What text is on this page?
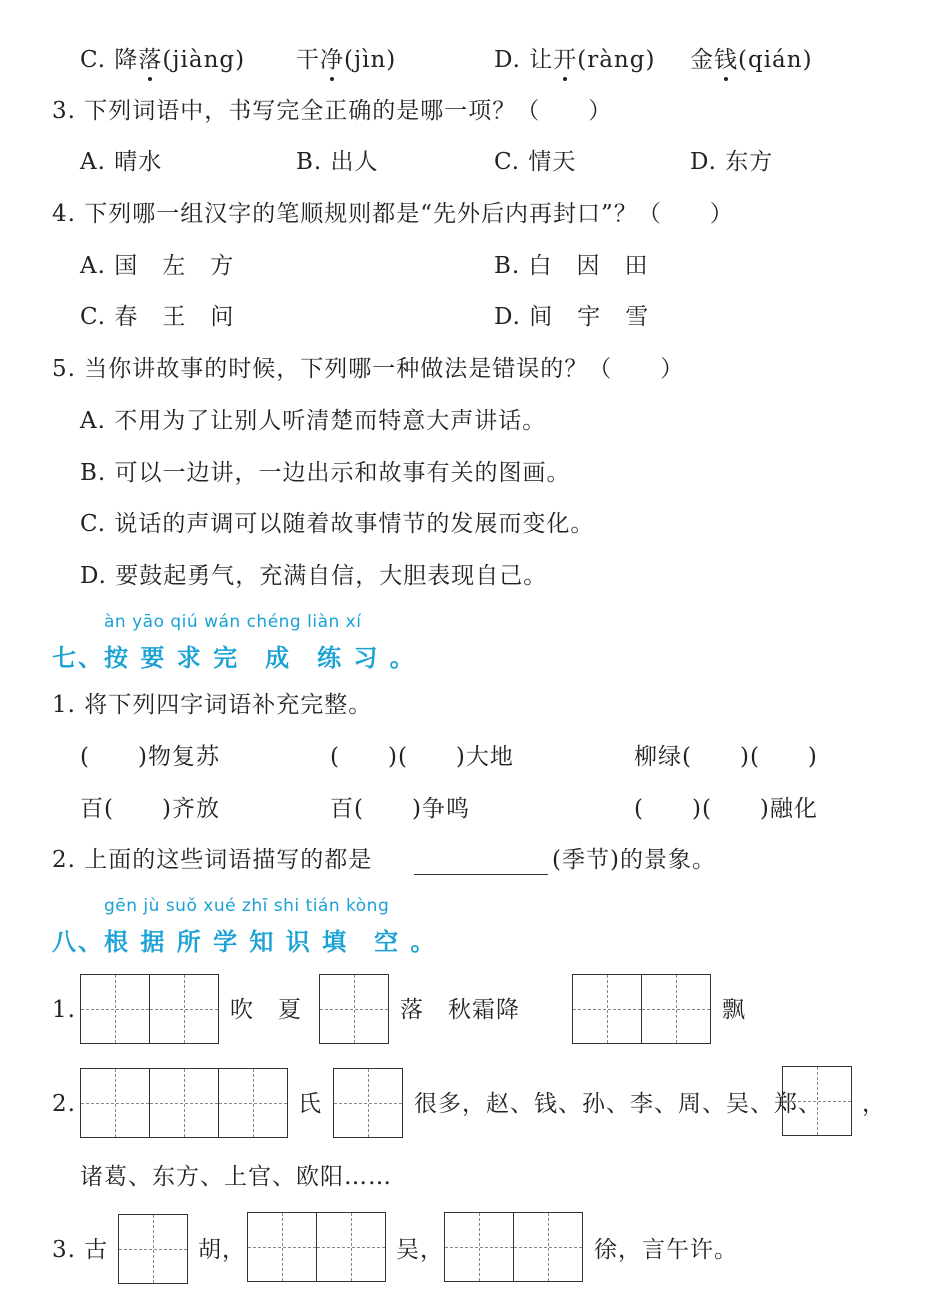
C. 降落(jiàng) 干净(jìn)	D. 让开(ràng) 金钱(qián)
3. 下列词语中，书写完全正确的是哪一项？（　　）
A. 晴水	B. 出人	C. 情天	D. 东方
4. 下列哪一组汉字的笔顺规则都是“先外后内再封口”？（　　）
A. 国　左　方	B. 白　因　田
C. 春　王　问	D. 间　宇　雪
5. 当你讲故事的时候，下列哪一种做法是错误的？（　　）
A. 不用为了让别人听清楚而特意大声讲话。
B. 可以一边讲，一边出示和故事有关的图画。
C. 说话的声调可以随着故事情节的发展而变化。
D. 要鼓起勇气，充满自信，大胆表现自己。
àn yāo qiú wán chéng liàn xí
七、按 要 求 完　成　练 习 。
1. 将下列四字词语补充完整。
(　　)物复苏	(　　)(　　)大地	柳绿(　　)(　　)
百(　　)齐放	百(　　)争鸣	(　　)(　　)融化
2. 上面的这些词语描写的都是	(季节)的景象。
gēn jù suǒ xué zhī shi tián kòng
八、根 据 所 学 知 识 填　空 。
1.	吹　夏	落　秋霜降	飘
2.	氏	很多，赵、钱、孙、李、周、吴、郑、 ，
诸葛、东方、上官、欧阳……
3. 古	胡，	吴，	徐，言午许。
